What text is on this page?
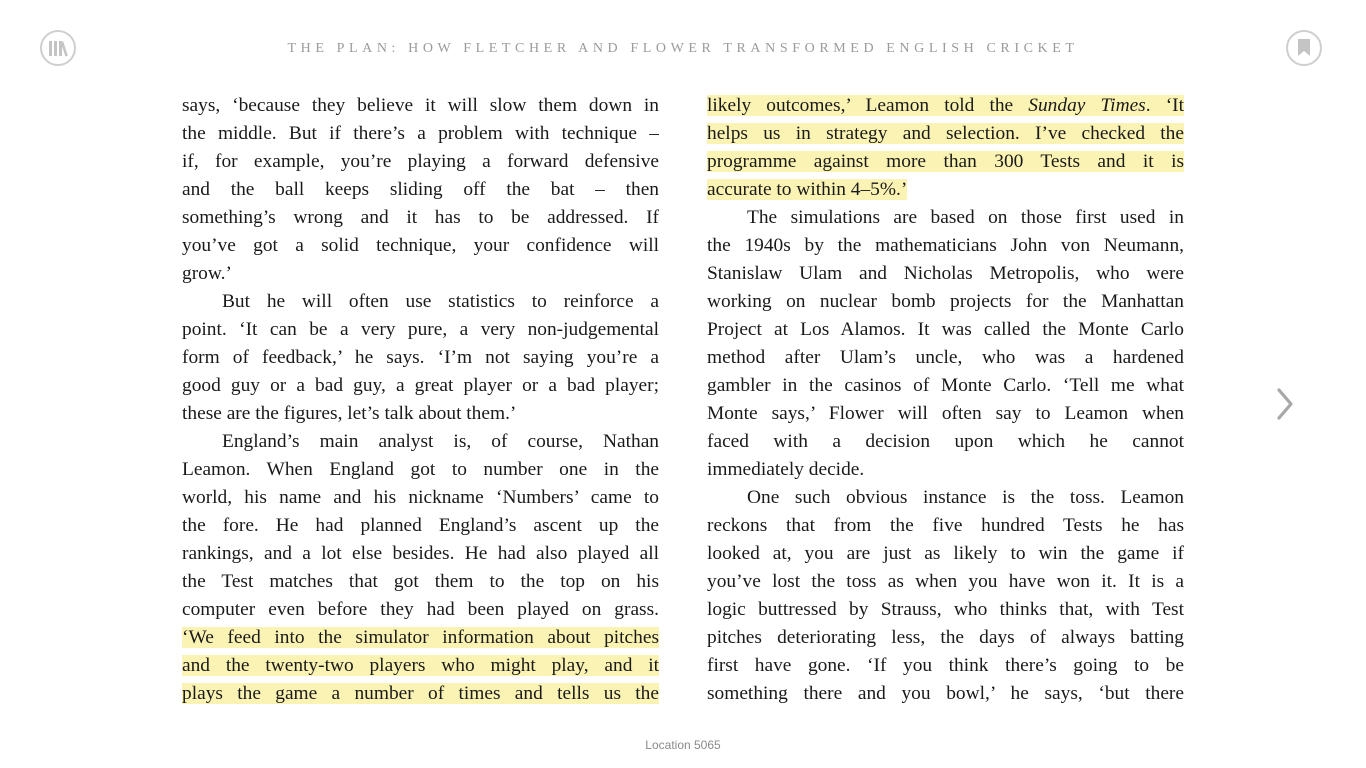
THE PLAN: HOW FLETCHER AND FLOWER TRANSFORMED ENGLISH CRICKET

says, ‘because they believe it will slow them down in
the middle. But if there’s a problem with technique –
if, for example, you’re playing a forward defensive
and the ball keeps sliding off the bat – then
something’s wrong and it has to be addressed. If
you’ve got a solid technique, your confidence will

grow.’

But he will often use statistics to reinforce a
point. ‘It can be a very pure, a very non-judgemental
form of feedback,’ he says. ‘I’m not saying you’re a
good guy or a bad guy, a great player or a bad player;

these are the figures, let’s talk about them.’

England’s main analyst is, of course, Nathan
Leamon. When England got to number one in the
world, his name and his nickname ‘Numbers’ came to
the fore. He had planned England’s ascent up the
rankings, and a lot else besides. He had also played all
the Test matches that got them to the top on his
computer even before they had been played on grass.
‘We feed into the simulator information about pitches
and the twenty-two players who might play, and it
plays the game a number of times and tells us the

likely outcomes,’ Leamon told the Sunday Times. ‘It
helps us in strategy and selection. I’ve checked the
programme against more than 300 Tests and it is

accurate to within 4–5%.’

The simulations are based on those first used in
the 1940s by the mathematicians John von Neumann,
Stanislaw Ulam and Nicholas Metropolis, who were
working on nuclear bomb projects for the Manhattan
Project at Los Alamos. It was called the Monte Carlo
method after Ulam’s uncle, who was a hardened
gambler in the casinos of Monte Carlo. ‘Tell me what
Monte says,’ Flower will often say to Leamon when
faced with a decision upon which he cannot

immediately decide.

One such obvious instance is the toss. Leamon
reckons that from the five hundred Tests he has
looked at, you are just as likely to win the game if
you’ve lost the toss as when you have won it. It is a
logic buttressed by Strauss, who thinks that, with Test
pitches deteriorating less, the days of always batting
first have gone. ‘If you think there’s going to be
something there and you bowl,’ he says, ‘but there

Location 5065
